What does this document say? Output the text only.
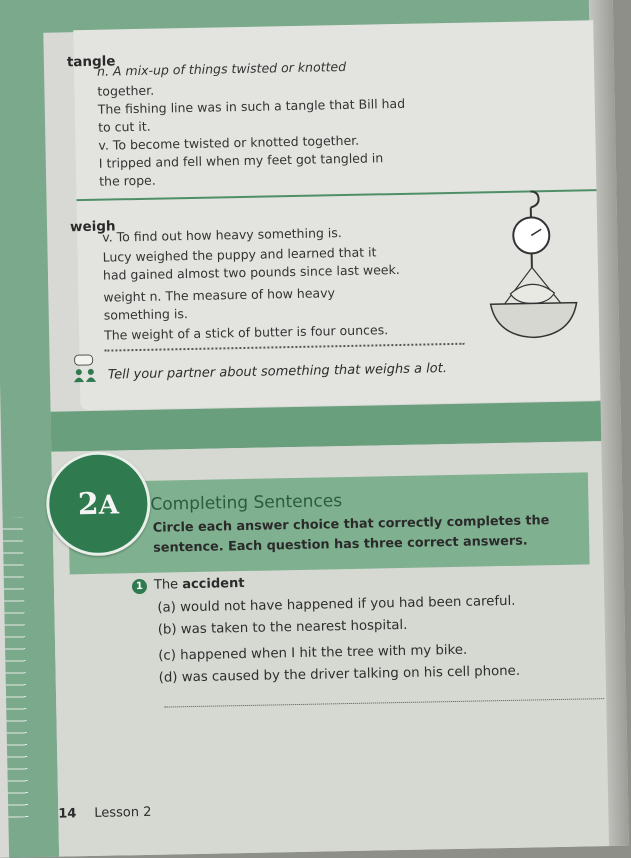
tangle
n. A mix-up of things twisted or knotted
together.
The fishing line was in such a tangle that Bill had
to cut it.
v. To become twisted or knotted together.
I tripped and fell when my feet got tangled in
the rope.
weigh
v. To find out how heavy something is.
Lucy weighed the puppy and learned that it
had gained almost two pounds since last week.
weight n. The measure of how heavy
something is.
The weight of a stick of butter is four ounces.
Tell your partner about something that weighs a lot.
2A	Completing Sentences
Circle each answer choice that correctly completes the
sentence. Each question has three correct answers.
1 The accident
(a) would not have happened if you had been careful.
(b) was taken to the nearest hospital.
(c) happened when I hit the tree with my bike.
(d) was caused by the driver talking on his cell phone.
14 Lesson 2
